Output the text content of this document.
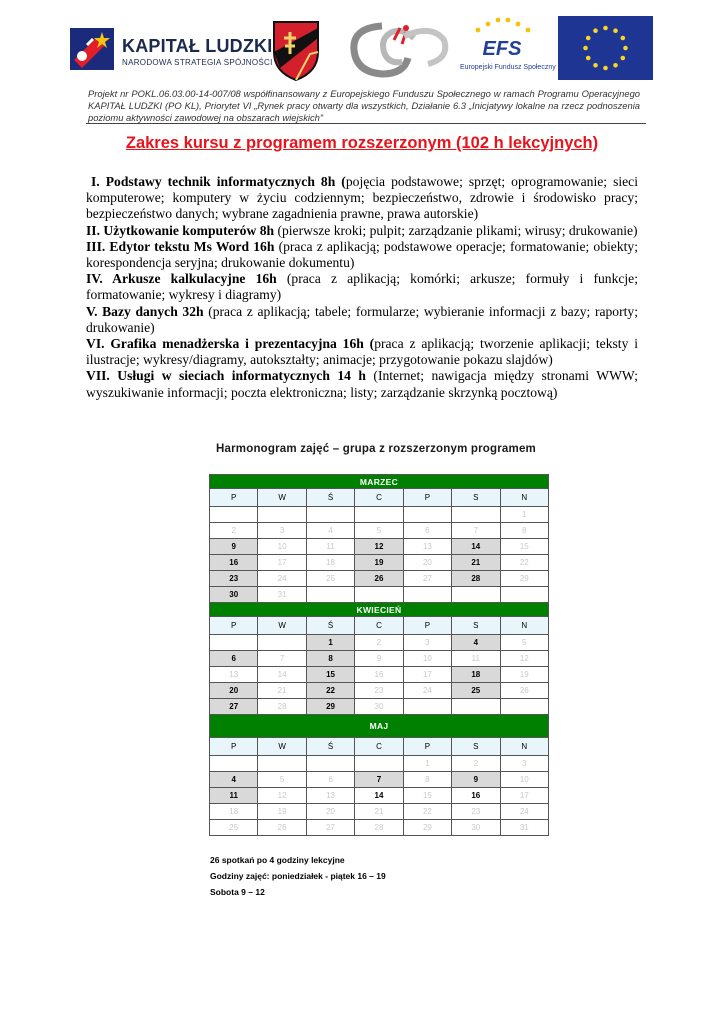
KAPITAŁ LUDZKI
NARODOWA STRATEGIA SPÓJNOŚCI
EFS
Europejski Fundusz Społeczny
Projekt nr POKL.06.03.00-14-007/08 współfinansowany z Europejskiego Funduszu Społecznego w ramach Programu Operacyjnego KAPITAŁ LUDZKI (PO KL), Priorytet VI „Rynek pracy otwarty dla wszystkich, Działanie 6.3 „Inicjatywy lokalne na rzecz podnoszenia poziomu aktywności zawodowej na obszarach wiejskich”
Zakres kursu z programem rozszerzonym (102 h lekcyjnych)

I. Podstawy technik informatycznych 8h (pojęcia podstawowe; sprzęt; oprogramowanie; sieci komputerowe; komputery w życiu codziennym; bezpieczeństwo, zdrowie i środowisko pracy; bezpieczeństwo danych; wybrane zagadnienia prawne, prawa autorskie)

II. Użytkowanie komputerów 8h (pierwsze kroki; pulpit; zarządzanie plikami; wirusy; drukowanie)

III. Edytor tekstu Ms Word 16h (praca z aplikacją; podstawowe operacje; formatowanie; obiekty; korespondencja seryjna; drukowanie dokumentu)

IV. Arkusze kalkulacyjne 16h (praca z aplikacją; komórki; arkusze; formuły i funkcje; formatowanie; wykresy i diagramy)

V. Bazy danych 32h (praca z aplikacją; tabele; formularze; wybieranie informacji z bazy; raporty; drukowanie)

VI. Grafika menadżerska i prezentacyjna 16h (praca z aplikacją; tworzenie aplikacji; teksty i ilustracje; wykresy/diagramy, autokształty; animacje; przygotowanie pokazu slajdów)

VII. Usługi w sieciach informatycznych 14 h (Internet; nawigacja między stronami WWW; wyszukiwanie informacji; poczta elektroniczna; listy; zarządzanie skrzynką pocztową)

Harmonogram zajęć – grupa z rozszerzonym programem
MARZEC						
P	W	Ś	C	P	S	N
						1
2	3	4	5	6	7	8
9	10	11	12	13	14	15
16	17	18	19	20	21	22
23	24	25	26	27	28	29
30	31					
KWIECIEŃ						
P	W	Ś	C	P	S	N
		1	2	3	4	5
6	7	8	9	10	11	12
13	14	15	16	17	18	19
20	21	22	23	24	25	26
27	28	29	30			
MAJ						
P	W	Ś	C	P	S	N
				1	2	3
4	5	6	7	8	9	10
11	12	13	14	15	16	17
18	19	20	21	22	23	24
25	26	27	28	29	30	31
26 spotkań po 4 godziny lekcyjne
Godziny zajęć: poniedziałek - piątek 16 – 19
Sobota 9 – 12
